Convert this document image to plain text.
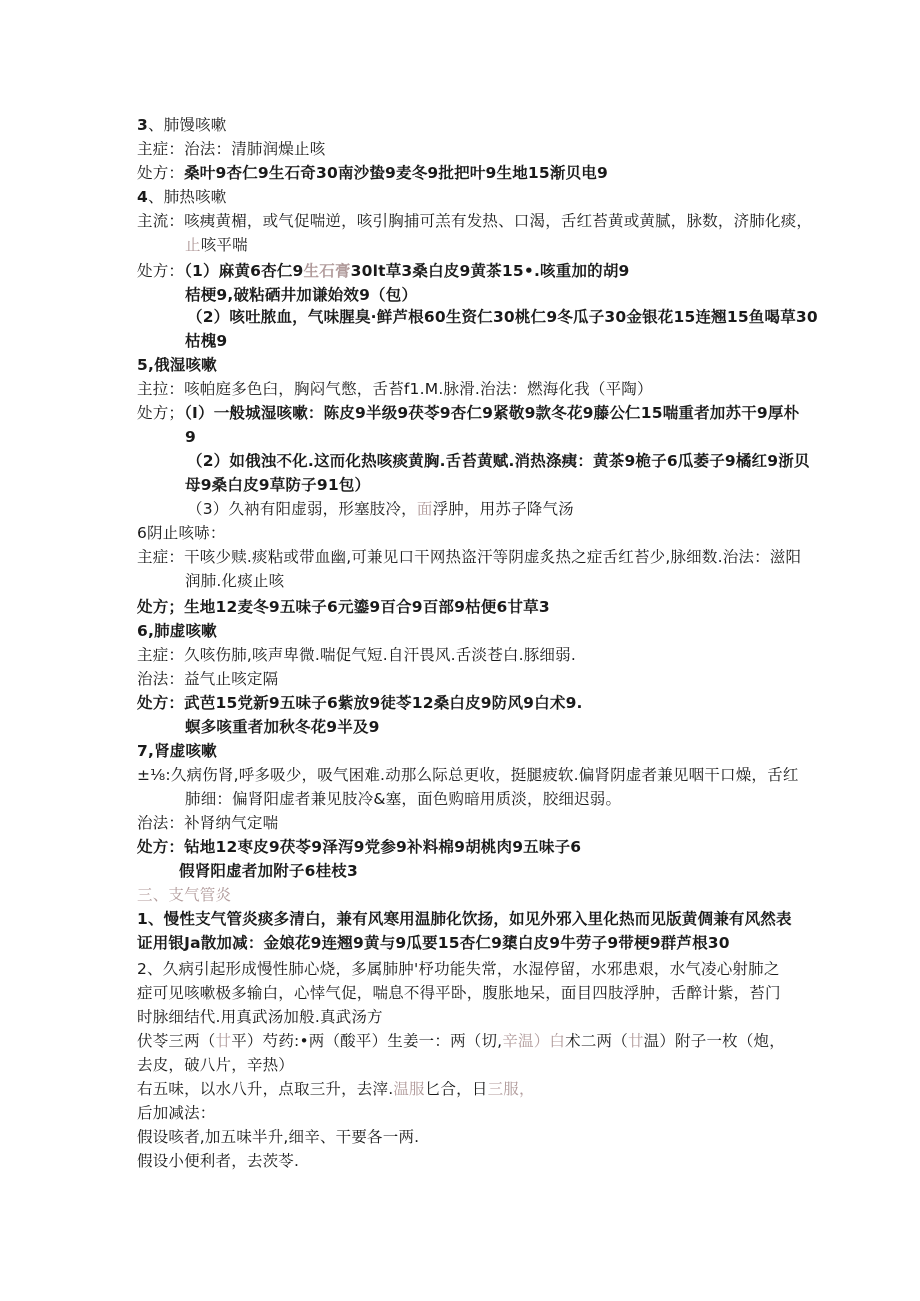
3、肺馒咳嗽
主症：治法：清肺润燥止咳
处方：桑叶9杏仁9生石奇30南沙蛰9麦冬9批把叶9生地15渐贝电9
4、肺热咳嗽
主流：咳痍黄楣，或气促喘逆，咳引胸捕可羔有发热、口渴，舌红苔黄或黄腻，脉数，济肺化痰，
止咳平喘
处方：（1）麻黄6杏仁9生石膏30lt草3桑白皮9黄茶15•.咳重加的胡9
桔梗9,破粘硒井加谦始效9（包）
（2）咳吐脓血，气味腥臭·鲜芦根60生资仁30桃仁9冬瓜子30金银花15连翘15鱼喝草30
枯槐9
5,俄湿咳嗽
主拉：咳帕庭多色臼，胸闷气憋，舌苔f1.M.脉滑.治法：燃海化我（平陶）
处方；（I）一般城湿咳嗽：陈皮9半级9茯苓9杏仁9紧敬9款冬花9藤公仁15喘重者加苏干9厚朴
9
（2）如俄浊不化.这而化热咳痰黄胸.舌苔黄赋.消热涤痍：黄茶9桅子6瓜萎子9橘红9浙贝
母9桑白皮9草防子91包）
（3）久衲有阳虚弱，形塞肢冷，面浮肿，用苏子降气汤
6阴止咳哧：
主症：干咳少赎.痰粘或带血幽,可兼见口干网热盗汗等阴虚炙热之症舌红苔少,脉细数.治法：滋阳
润肺.化痰止咳
处方；生地12麦冬9五味子6元鎏9百合9百部9枯便6甘草3
6,肺虚咳嗽
主症：久咳伤肺,咳声卑微.喘促气短.自汗畏风.舌淡苍白.豚细弱.
治法：益气止咳定隔
处方：武芭15党新9五味子6紫放9徒苓12桑白皮9防风9白术9.
螟多咳重者加秋冬花9半及9
7,肾虚咳嗽
±⅛:久病伤肾,呼多吸少，吸气困难.动那么际总更收，挺腿疲软.偏肾阴虚者兼见咽干口燥，舌红
肺细：偏肾阳虚者兼见肢冷&塞，面色购暗用质淡，胶细迟弱。
治法：补肾纳气定喘
处方：钻地12枣皮9茯苓9泽泻9党参9补料棉9胡桃肉9五味子6
假肾阳虚者加附子6桂枝3
三、支气管炎
1、慢性支气管炎痰多清白，兼有风寒用温肺化饮扬，如见外邪入里化热而见版黄倜兼有风然表
证用银Ja散加减：金娘花9连翘9黄与9瓜要15杏仁9橥白皮9牛劳子9带梗9群芦根30
2、久病引起形成慢性肺心烧，多属肺肿'杼功能失常，水湿停留，水邪患艰，水气凌心射肺之
症可见咳嗽极多输白，心悻气促，喘息不得平卧，腹胀地呆，面目四肢浮肿，舌醉计紫，苔门
时脉细结代.用真武汤加般.真武汤方
伏苓三两（廿平）芍药:•两（酸平）生姜一：两（切,辛温）白术二两（廿温）附子一枚（炮，
去皮，破八片，辛热）
右五味，以水八升，点取三升，去滓.温服匕合，日三服，
后加减法：
假设咳者,加五味半升,细辛、干要各一两.
假设小便利者，去茨苓.
